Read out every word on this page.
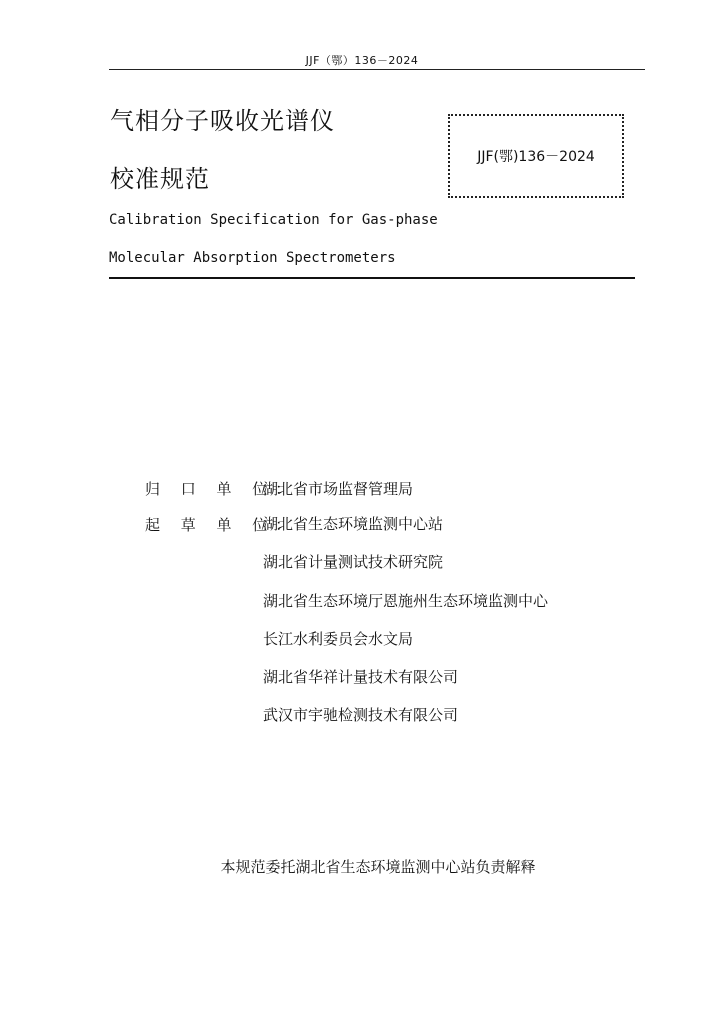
JJF（鄂）136－2024
气相分子吸收光谱仪
校准规范
JJF(鄂)136－2024
Calibration Specification for Gas-phase
Molecular Absorption Spectrometers
归 口 单 位：
湖北省市场监督管理局
起 草 单 位：
湖北省生态环境监测中心站
湖北省计量测试技术研究院
湖北省生态环境厅恩施州生态环境监测中心
长江水利委员会水文局
湖北省华祥计量技术有限公司
武汉市宇驰检测技术有限公司
本规范委托湖北省生态环境监测中心站负责解释
